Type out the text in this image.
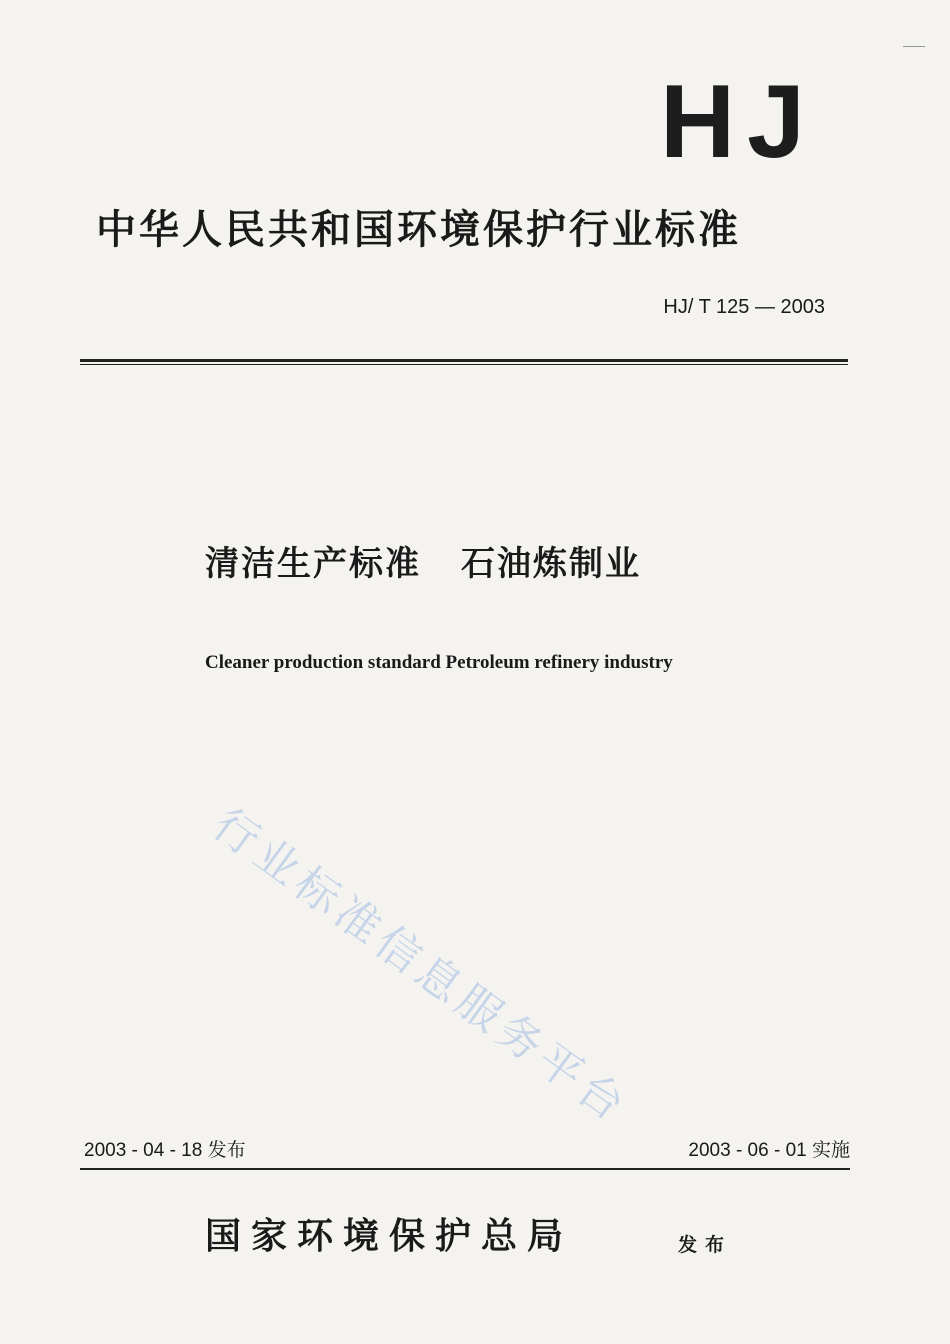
HJ
中华人民共和国环境保护行业标准
HJ/ T 125 — 2003
清洁生产标准 石油炼制业
Cleaner production standard Petroleum refinery industry
行业标准信息服务平台
2003 - 04 - 18 发布	2003 - 06 - 01 实施
国家环境保护总局	发布
